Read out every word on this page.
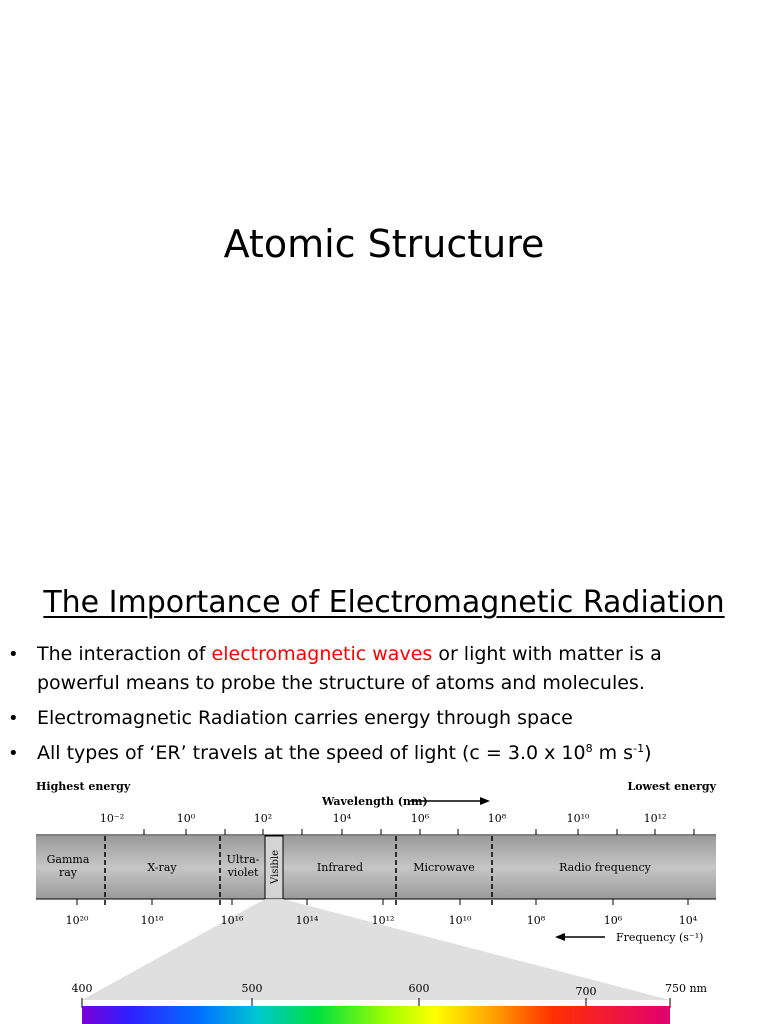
Atomic Structure
The Importance of Electromagnetic Radiation
• The interaction of electromagnetic waves or light with matter is a powerful means to probe the structure of atoms and molecules.
• Electromagnetic Radiation carries energy through space
• All types of ‘ER’ travels at the speed of light (c = 3.0 x $10^8$ m $s^{-1}$)
Highest energy	Lowest energy
Wavelength (nm)
10⁻²	10⁰	10²	10⁴	10⁶	10⁸	10¹⁰	10¹²
Gamma
ray	X-ray
Ultra-
violet Visible	Infrared	Microwave	Radio frequency
10²⁰	10¹⁸	10¹⁶	10¹⁴	10¹²	10¹⁰	10⁸	10⁶	10⁴
Frequency (s⁻¹)
400	500	600	700	750 nm
